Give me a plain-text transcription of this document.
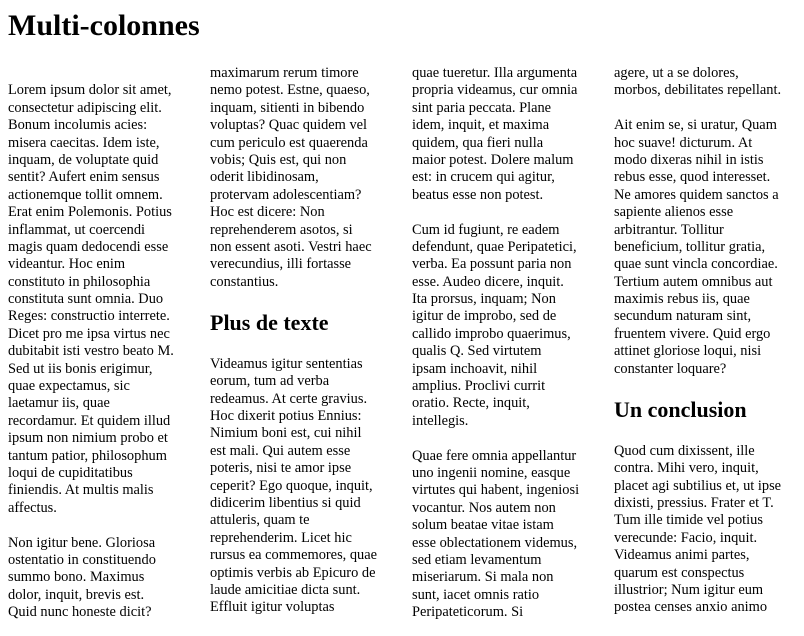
Multi-colonnes

Lorem ipsum dolor sit amet,
consectetur adipiscing elit.
Bonum incolumis acies:
misera caecitas. Idem iste,
inquam, de voluptate quid
sentit? Aufert enim sensus
actionemque tollit omnem.
Erat enim Polemonis. Potius
inflammat, ut coercendi
magis quam dedocendi esse
videantur. Hoc enim
constituto in philosophia
constituta sunt omnia. Duo
Reges: constructio interrete.
Dicet pro me ipsa virtus nec
dubitabit isti vestro beato M.
Sed ut iis bonis erigimur,
quae expectamus, sic
laetamur iis, quae
recordamur. Et quidem illud
ipsum non nimium probo et
tantum patior, philosophum
loqui de cupiditatibus
finiendis. At multis malis
affectus.

Non igitur bene. Gloriosa
ostentatio in constituendo
summo bono. Maximus
dolor, inquit, brevis est.
Quid nunc honeste dicit?

maximarum rerum timore
nemo potest. Estne, quaeso,
inquam, sitienti in bibendo
voluptas? Quac quidem vel
cum periculo est quaerenda
vobis; Quis est, qui non
oderit libidinosam,
protervam adolescentiam?
Hoc est dicere: Non
reprehenderem asotos, si
non essent asoti. Vestri haec
verecundius, illi fortasse
constantius.

Plus de texte

Videamus igitur sententias
eorum, tum ad verba
redeamus. At certe gravius.
Hoc dixerit potius Ennius:
Nimium boni est, cui nihil
est mali. Qui autem esse
poteris, nisi te amor ipse
ceperit? Ego quoque, inquit,
didicerim libentius si quid
attuleris, quam te
reprehenderim. Licet hic
rursus ea commemores, quae
optimis verbis ab Epicuro de
laude amicitiae dicta sunt.
Effluit igitur voluptas

quae tueretur. Illa argumenta
propria videamus, cur omnia
sint paria peccata. Plane
idem, inquit, et maxima
quidem, qua fieri nulla
maior potest. Dolere malum
est: in crucem qui agitur,
beatus esse non potest.

Cum id fugiunt, re eadem
defendunt, quae Peripatetici,
verba. Ea possunt paria non
esse. Audeo dicere, inquit.
Ita prorsus, inquam; Non
igitur de improbo, sed de
callido improbo quaerimus,
qualis Q. Sed virtutem
ipsam inchoavit, nihil
amplius. Proclivi currit
oratio. Recte, inquit,
intellegis.

Quae fere omnia appellantur
uno ingenii nomine, easque
virtutes qui habent, ingeniosi
vocantur. Nos autem non
solum beatae vitae istam
esse oblectationem videmus,
sed etiam levamentum
miseriarum. Si mala non
sunt, iacet omnis ratio
Peripateticorum. Si

agere, ut a se dolores,
morbos, debilitates repellant.

Ait enim se, si uratur, Quam
hoc suave! dicturum. At
modo dixeras nihil in istis
rebus esse, quod interesset.
Ne amores quidem sanctos a
sapiente alienos esse
arbitrantur. Tollitur
beneficium, tollitur gratia,
quae sunt vincla concordiae.
Tertium autem omnibus aut
maximis rebus iis, quae
secundum naturam sint,
fruentem vivere. Quid ergo
attinet gloriose loqui, nisi
constanter loquare?

Un conclusion

Quod cum dixissent, ille
contra. Mihi vero, inquit,
placet agi subtilius et, ut ipse
dixisti, pressius. Frater et T.
Tum ille timide vel potius
verecunde: Facio, inquit.
Videamus animi partes,
quarum est conspectus
illustrior; Num igitur eum
postea censes anxio animo
